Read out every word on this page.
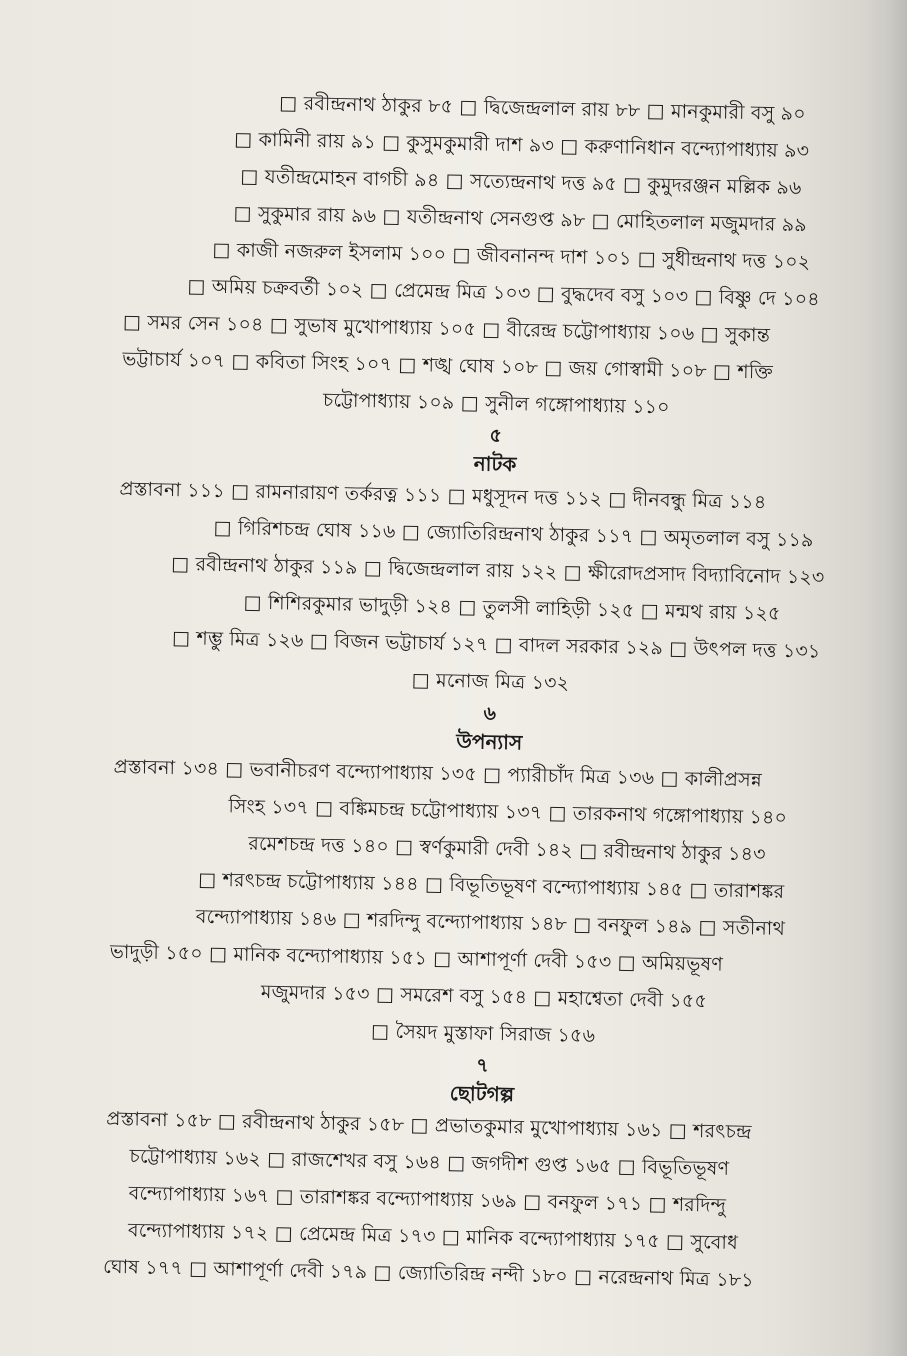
□ রবীন্দ্রনাথ ঠাকুর ৮৫ □ দ্বিজেন্দ্রলাল রায় ৮৮ □ মানকুমারী বসু ৯০
□ কামিনী রায় ৯১ □ কুসুমকুমারী দাশ ৯৩ □ করুণানিধান বন্দ্যোপাধ্যায় ৯৩
□ যতীন্দ্রমোহন বাগচী ৯৪ □ সত্যেন্দ্রনাথ দত্ত ৯৫ □ কুমুদরঞ্জন মল্লিক ৯৬
□ সুকুমার রায় ৯৬ □ যতীন্দ্রনাথ সেনগুপ্ত ৯৮ □ মোহিতলাল মজুমদার ৯৯
□ কাজী নজরুল ইসলাম ১০০ □ জীবনানন্দ দাশ ১০১ □ সুধীন্দ্রনাথ দত্ত ১০২
□ অমিয় চক্রবর্তী ১০২ □ প্রেমেন্দ্র মিত্র ১০৩ □ বুদ্ধদেব বসু ১০৩ □ বিষ্ণু দে ১০৪
□ সমর সেন ১০৪ □ সুভাষ মুখোপাধ্যায় ১০৫ □ বীরেন্দ্র চট্টোপাধ্যায় ১০৬ □ সুকান্ত
ভট্টাচার্য ১০৭ □ কবিতা সিংহ ১০৭ □ শঙ্খ ঘোষ ১০৮ □ জয় গোস্বামী ১০৮ □ শক্তি
চট্টোপাধ্যায় ১০৯ □ সুনীল গঙ্গোপাধ্যায় ১১০
৫
নাটক
প্রস্তাবনা ১১১ □ রামনারায়ণ তর্করত্ন ১১১ □ মধুসূদন দত্ত ১১২ □ দীনবন্ধু মিত্র ১১৪
□ গিরিশচন্দ্র ঘোষ ১১৬ □ জ্যোতিরিন্দ্রনাথ ঠাকুর ১১৭ □ অমৃতলাল বসু ১১৯
□ রবীন্দ্রনাথ ঠাকুর ১১৯ □ দ্বিজেন্দ্রলাল রায় ১২২ □ ক্ষীরোদপ্রসাদ বিদ্যাবিনোদ ১২৩
□ শিশিরকুমার ভাদুড়ী ১২৪ □ তুলসী লাহিড়ী ১২৫ □ মন্মথ রায় ১২৫
□ শম্ভু মিত্র ১২৬ □ বিজন ভট্টাচার্য ১২৭ □ বাদল সরকার ১২৯ □ উৎপল দত্ত ১৩১
□ মনোজ মিত্র ১৩২
৬
উপন্যাস
প্রস্তাবনা ১৩৪ □ ভবানীচরণ বন্দ্যোপাধ্যায় ১৩৫ □ প্যারীচাঁদ মিত্র ১৩৬ □ কালীপ্রসন্ন
সিংহ ১৩৭ □ বঙ্কিমচন্দ্র চট্টোপাধ্যায় ১৩৭ □ তারকনাথ গঙ্গোপাধ্যায় ১৪০
রমেশচন্দ্র দত্ত ১৪০ □ স্বর্ণকুমারী দেবী ১৪২ □ রবীন্দ্রনাথ ঠাকুর ১৪৩
□ শরৎচন্দ্র চট্টোপাধ্যায় ১৪৪ □ বিভূতিভূষণ বন্দ্যোপাধ্যায় ১৪৫ □ তারাশঙ্কর
বন্দ্যোপাধ্যায় ১৪৬ □ শরদিন্দু বন্দ্যোপাধ্যায় ১৪৮ □ বনফুল ১৪৯ □ সতীনাথ
ভাদুড়ী ১৫০ □ মানিক বন্দ্যোপাধ্যায় ১৫১ □ আশাপূর্ণা দেবী ১৫৩ □ অমিয়ভূষণ
মজুমদার ১৫৩ □ সমরেশ বসু ১৫৪ □ মহাশ্বেতা দেবী ১৫৫
□ সৈয়দ মুস্তাফা সিরাজ ১৫৬
৭
ছোটগল্প
প্রস্তাবনা ১৫৮ □ রবীন্দ্রনাথ ঠাকুর ১৫৮ □ প্রভাতকুমার মুখোপাধ্যায় ১৬১ □ শরৎচন্দ্র
চট্টোপাধ্যায় ১৬২ □ রাজশেখর বসু ১৬৪ □ জগদীশ গুপ্ত ১৬৫ □ বিভূতিভূষণ
বন্দ্যোপাধ্যায় ১৬৭ □ তারাশঙ্কর বন্দ্যোপাধ্যায় ১৬৯ □ বনফুল ১৭১ □ শরদিন্দু
বন্দ্যোপাধ্যায় ১৭২ □ প্রেমেন্দ্র মিত্র ১৭৩ □ মানিক বন্দ্যোপাধ্যায় ১৭৫ □ সুবোধ
ঘোষ ১৭৭ □ আশাপূর্ণা দেবী ১৭৯ □ জ্যোতিরিন্দ্র নন্দী ১৮০ □ নরেন্দ্রনাথ মিত্র ১৮১
